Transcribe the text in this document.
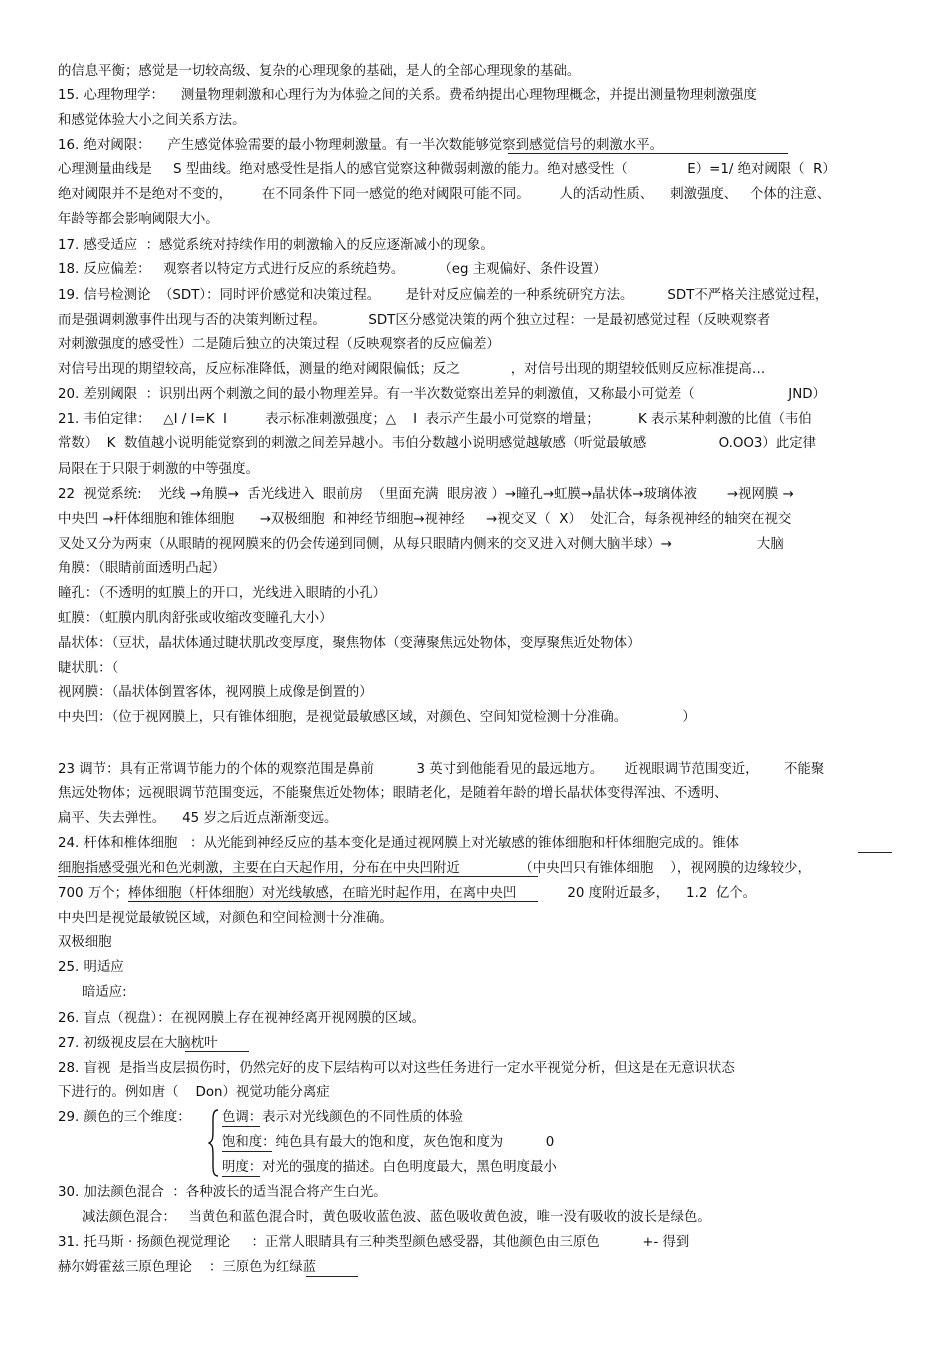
的信息平衡；感觉是一切较高级、复杂的心理现象的基础，是人的全部心理现象的基础。
15. 心理物理学：    测量物理刺激和心理行为为体验之间的关系。费希纳提出心理物理概念，并提出测量物理刺激强度
和感觉体验大小之间关系方法。
16. 绝对阈限：    产生感觉体验需要的最小物理刺激量。有一半次数能够觉察到感觉信号的刺激水平。
心理测量曲线是     S 型曲线。绝对感受性是指人的感官觉察这种微弱刺激的能力。绝对感受性（              E）=1/ 绝对阈限（  R）
绝对阈限并不是绝对不变的，       在不同条件下同一感觉的绝对阈限可能不同。       人的活动性质、    刺激强度、   个体的注意、
年龄等都会影响阈限大小。
17. 感受适应  ：感觉系统对持续作用的刺激输入的反应逐渐减小的现象。
18. 反应偏差：   观察者以特定方式进行反应的系统趋势。        （eg 主观偏好、条件设置）
19. 信号检测论  （SDT）：同时评价感觉和决策过程。      是针对反应偏差的一种系统研究方法。        SDT不严格关注感觉过程，
而是强调刺激事件出现与否的决策判断过程。          SDT区分感觉决策的两个独立过程：一是最初感觉过程（反映观察者
对刺激强度的感受性）二是随后独立的决策过程（反映观察者的反应偏差）
对信号出现的期望较高，反应标准降低，测量的绝对阈限偏低；反之            ，对信号出现的期望较低则反应标准提高…
20. 差别阈限  ：识别出两个刺激之间的最小物理差异。有一半次数觉察出差异的刺激值，又称最小可觉差（                      JND）
21. 韦伯定律：   △I / I=K  I         表示标准刺激强度；△    I  表示产生最小可觉察的增量；         K 表示某种刺激的比值（韦伯
常数）  K  数值越小说明能觉察到的刺激之间差异越小。韦伯分数越小说明感觉越敏感（听觉最敏感                 O.OO3）此定律
局限在于只限于刺激的中等强度。
22  视觉系统:    光线 →角膜→  舌光线进入  眼前房  （里面充满  眼房液 ）→瞳孔→虹膜→晶状体→玻璃体液       →视网膜 →
中央凹 →杆体细胞和锥体细胞      →双极细胞  和神经节细胞→视神经     →视交叉（  X）  处汇合，每条视神经的轴突在视交
叉处又分为两束（从眼睛的视网膜来的仍会传递到同侧，从每只眼睛内侧来的交叉进入对侧大脑半球）→                    大脑
角膜：（眼睛前面透明凸起）
瞳孔：（不透明的虹膜上的开口，光线进入眼睛的小孔）
虹膜：（虹膜内肌肉舒张或收缩改变瞳孔大小）
晶状体：（豆状，晶状体通过睫状肌改变厚度，聚焦物体（变薄聚焦远处物体，变厚聚焦近处物体）
睫状肌：（
视网膜：（晶状体倒置客体，视网膜上成像是倒置的）
中央凹：（位于视网膜上，只有锥体细胞，是视觉最敏感区域，对颜色、空间知觉检测十分准确。             ）
23 调节：具有正常调节能力的个体的观察范围是鼻前          3 英寸到他能看见的最远地方。     近视眼调节范围变近，      不能聚
焦远处物体；远视眼调节范围变远，不能聚焦近处物体；眼睛老化，是随着年龄的增长晶状体变得浑浊、不透明、
扁平、失去弹性。    45 岁之后近点渐渐变远。
24. 杆体和椎体细胞   ：从光能到神经反应的基本变化是通过视网膜上对光敏感的锥体细胞和杆体细胞完成的。锥体
细胞指感受强光和色光刺激，主要在白天起作用，分布在中央凹附近              （中央凹只有锥体细胞    ），视网膜的边缘较少，
700 万个；棒体细胞（杆体细胞）对光线敏感，在暗光时起作用，在离中央凹            20 度附近最多，    1.2  亿个。
中央凹是视觉最敏锐区域，对颜色和空间检测十分准确。
双极细胞
25. 明适应
暗适应:
26. 盲点（视盘）：在视网膜上存在视神经离开视网膜的区域。
27. 初级视皮层在大脑枕叶
28. 盲视  是指当皮层损伤时，仍然完好的皮下层结构可以对这些任务进行一定水平视觉分析，但这是在无意识状态
下进行的。例如唐（    Don）视觉功能分离症
29. 颜色的三个维度：	色调：表示对光线颜色的不同性质的体验
饱和度：纯色具有最大的饱和度，灰色饱和度为          0
明度：对光的强度的描述。白色明度最大，黑色明度最小
30. 加法颜色混合  ：各种波长的适当混合将产生白光。
减法颜色混合：   当黄色和蓝色混合时，黄色吸收蓝色波、蓝色吸收黄色波，唯一没有吸收的波长是绿色。
31. 托马斯 · 扬颜色视觉理论     ：正常人眼睛具有三种类型颜色感受器，其他颜色由三原色          +- 得到
赫尔姆霍兹三原色理论    ：三原色为红绿蓝
